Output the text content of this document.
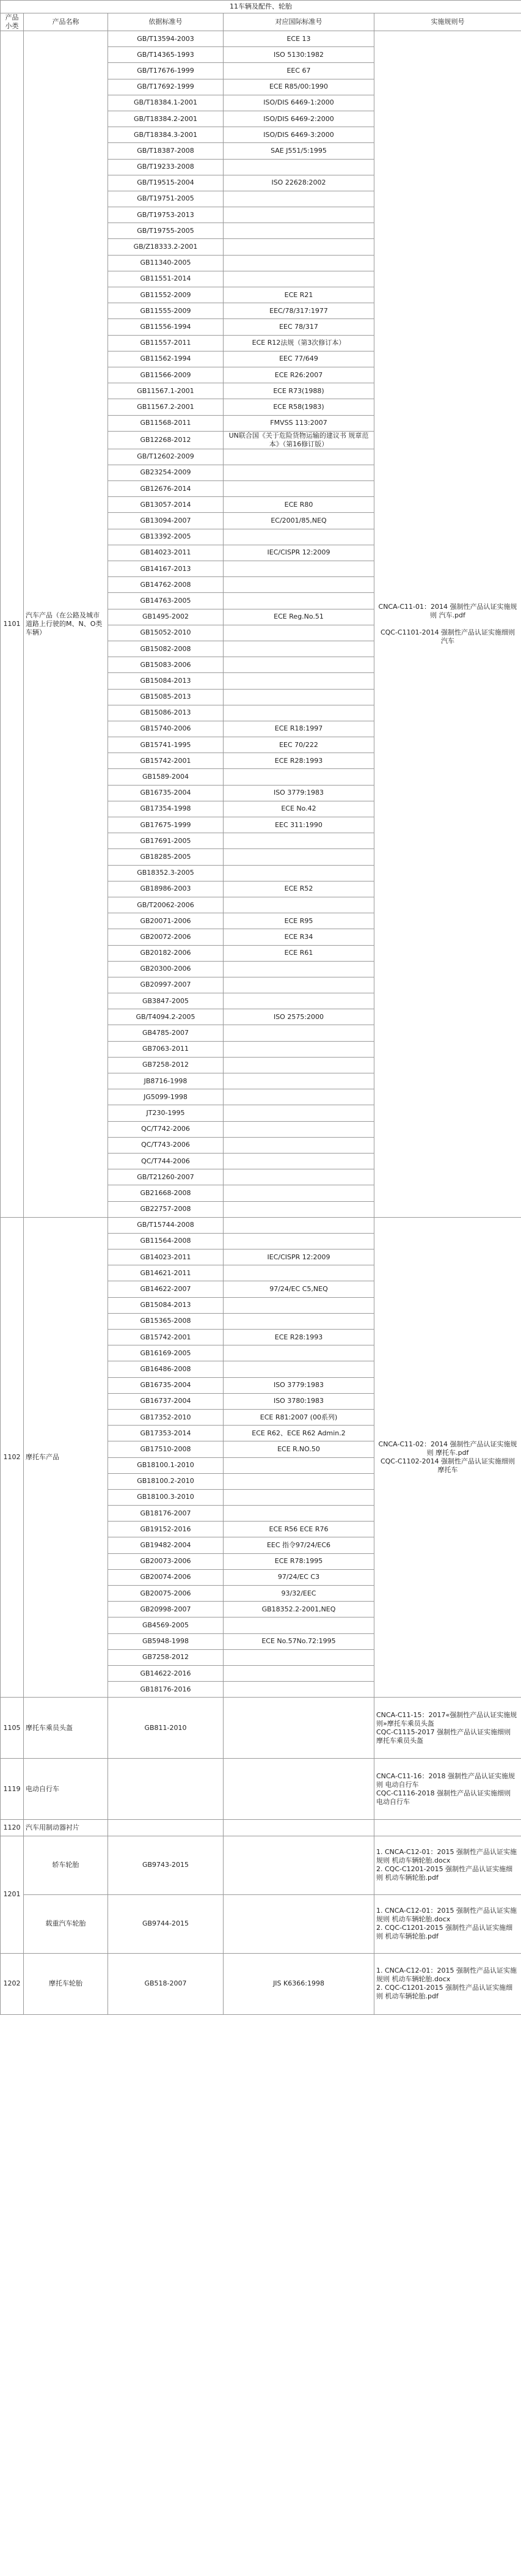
11车辆及配件、轮胎				
产品小类	产品名称	依据标准号	对应国际标准号	实施规则号
1101	汽车产品（在公路及城市道路上行驶的M、N、O类车辆）	GB/T13594-2003	ECE 13	CNCA-C11-01：2014 强制性产品认证实施规则 汽车.pdf

CQC-C1101-2014 强制性产品认证实施细则 汽车
		GB/T14365-1993	ISO 5130:1982	
		GB/T17676-1999	EEC 67	
		GB/T17692-1999	ECE R85/00:1990	
		GB/T18384.1-2001	ISO/DIS 6469-1:2000	
		GB/T18384.2-2001	ISO/DIS 6469-2:2000	
		GB/T18384.3-2001	ISO/DIS 6469-3:2000	
		GB/T18387-2008	SAE J551/5:1995	
		GB/T19233-2008		
		GB/T19515-2004	ISO 22628:2002	
		GB/T19751-2005		
		GB/T19753-2013		
		GB/T19755-2005		
		GB/Z18333.2-2001		
		GB11340-2005		
		GB11551-2014		
		GB11552-2009	ECE R21	
		GB11555-2009	EEC/78/317:1977	
		GB11556-1994	EEC 78/317	
		GB11557-2011	ECE R12法规（第3次修订本）	
		GB11562-1994	EEC 77/649	
		GB11566-2009	ECE R26:2007	
		GB11567.1-2001	ECE R73(1988)	
		GB11567.2-2001	ECE R58(1983)	
		GB11568-2011	FMVSS 113:2007	
		GB12268-2012	UN联合国《关于危险货物运输的建议书 规章范本》（第16修订版）	
		GB/T12602-2009		
		GB23254-2009		
		GB12676-2014		
		GB13057-2014	ECE R80	
		GB13094-2007	EC/2001/85,NEQ	
		GB13392-2005		
		GB14023-2011	IEC/CISPR 12:2009	
		GB14167-2013		
		GB14762-2008		
		GB14763-2005		
		GB1495-2002	ECE Reg.No.51	
		GB15052-2010		
		GB15082-2008		
		GB15083-2006		
		GB15084-2013		
		GB15085-2013		
		GB15086-2013		
		GB15740-2006	ECE R18:1997	
		GB15741-1995	EEC 70/222	
		GB15742-2001	ECE R28:1993	
		GB1589-2004		
		GB16735-2004	ISO 3779:1983	
		GB17354-1998	ECE No.42	
		GB17675-1999	EEC 311:1990	
		GB17691-2005		
		GB18285-2005		
		GB18352.3-2005		
		GB18986-2003	ECE R52	
		GB/T20062-2006		
		GB20071-2006	ECE R95	
		GB20072-2006	ECE R34	
		GB20182-2006	ECE R61	
		GB20300-2006		
		GB20997-2007		
		GB3847-2005		
		GB/T4094.2-2005	ISO 2575:2000	
		GB4785-2007		
		GB7063-2011		
		GB7258-2012		
		JB8716-1998		
		JG5099-1998		
		JT230-1995		
		QC/T742-2006		
		QC/T743-2006		
		QC/T744-2006		
		GB/T21260-2007		
		GB21668-2008		
		GB22757-2008		
1102	摩托车产品	GB/T15744-2008		CNCA-C11-02：2014 强制性产品认证实施规则 摩托车.pdf
CQC-C1102-2014 强制性产品认证实施细则 摩托车
		GB11564-2008		
		GB14023-2011	IEC/CISPR 12:2009	
		GB14621-2011		
		GB14622-2007	97/24/EC C5,NEQ	
		GB15084-2013		
		GB15365-2008		
		GB15742-2001	ECE R28:1993	
		GB16169-2005		
		GB16486-2008		
		GB16735-2004	ISO 3779:1983	
		GB16737-2004	ISO 3780:1983	
		GB17352-2010	ECE R81:2007 (00系列)	
		GB17353-2014	ECE R62、ECE R62 Admin.2	
		GB17510-2008	ECE R.NO.50	
		GB18100.1-2010		
		GB18100.2-2010		
		GB18100.3-2010		
		GB18176-2007		
		GB19152-2016	ECE R56 ECE R76	
		GB19482-2004	EEC 指令97/24/EC6	
		GB20073-2006	ECE R78:1995	
		GB20074-2006	97/24/EC C3	
		GB20075-2006	93/32/EEC	
		GB20998-2007	GB18352.2-2001,NEQ	
		GB4569-2005		
		GB5948-1998	ECE No.57No.72:1995	
		GB7258-2012		
		GB14622-2016		
		GB18176-2016		
1105	摩托车乘员头盔	GB811-2010		CNCA-C11-15：2017«强制性产品认证实施规则»摩托车乘员头盔
CQC-C1115-2017 强制性产品认证实施细则 摩托车乘员头盔
1119	电动自行车			CNCA-C11-16：2018 强制性产品认证实施规则 电动自行车
CQC-C1116-2018 强制性产品认证实施细则 电动自行车
1120	汽车用制动器衬片			
1201	轿车轮胎	GB9743-2015		1. CNCA-C12-01：2015 强制性产品认证实施规则 机动车辆轮胎.docx
2. CQC-C1201-2015 强制性产品认证实施细则 机动车辆轮胎.pdf
	载重汽车轮胎	GB9744-2015		1. CNCA-C12-01：2015 强制性产品认证实施规则 机动车辆轮胎.docx
2. CQC-C1201-2015 强制性产品认证实施细则 机动车辆轮胎.pdf
1202	摩托车轮胎	GB518-2007	JIS K6366:1998	1. CNCA-C12-01：2015 强制性产品认证实施规则 机动车辆轮胎.docx
2. CQC-C1201-2015 强制性产品认证实施细则 机动车辆轮胎.pdf
